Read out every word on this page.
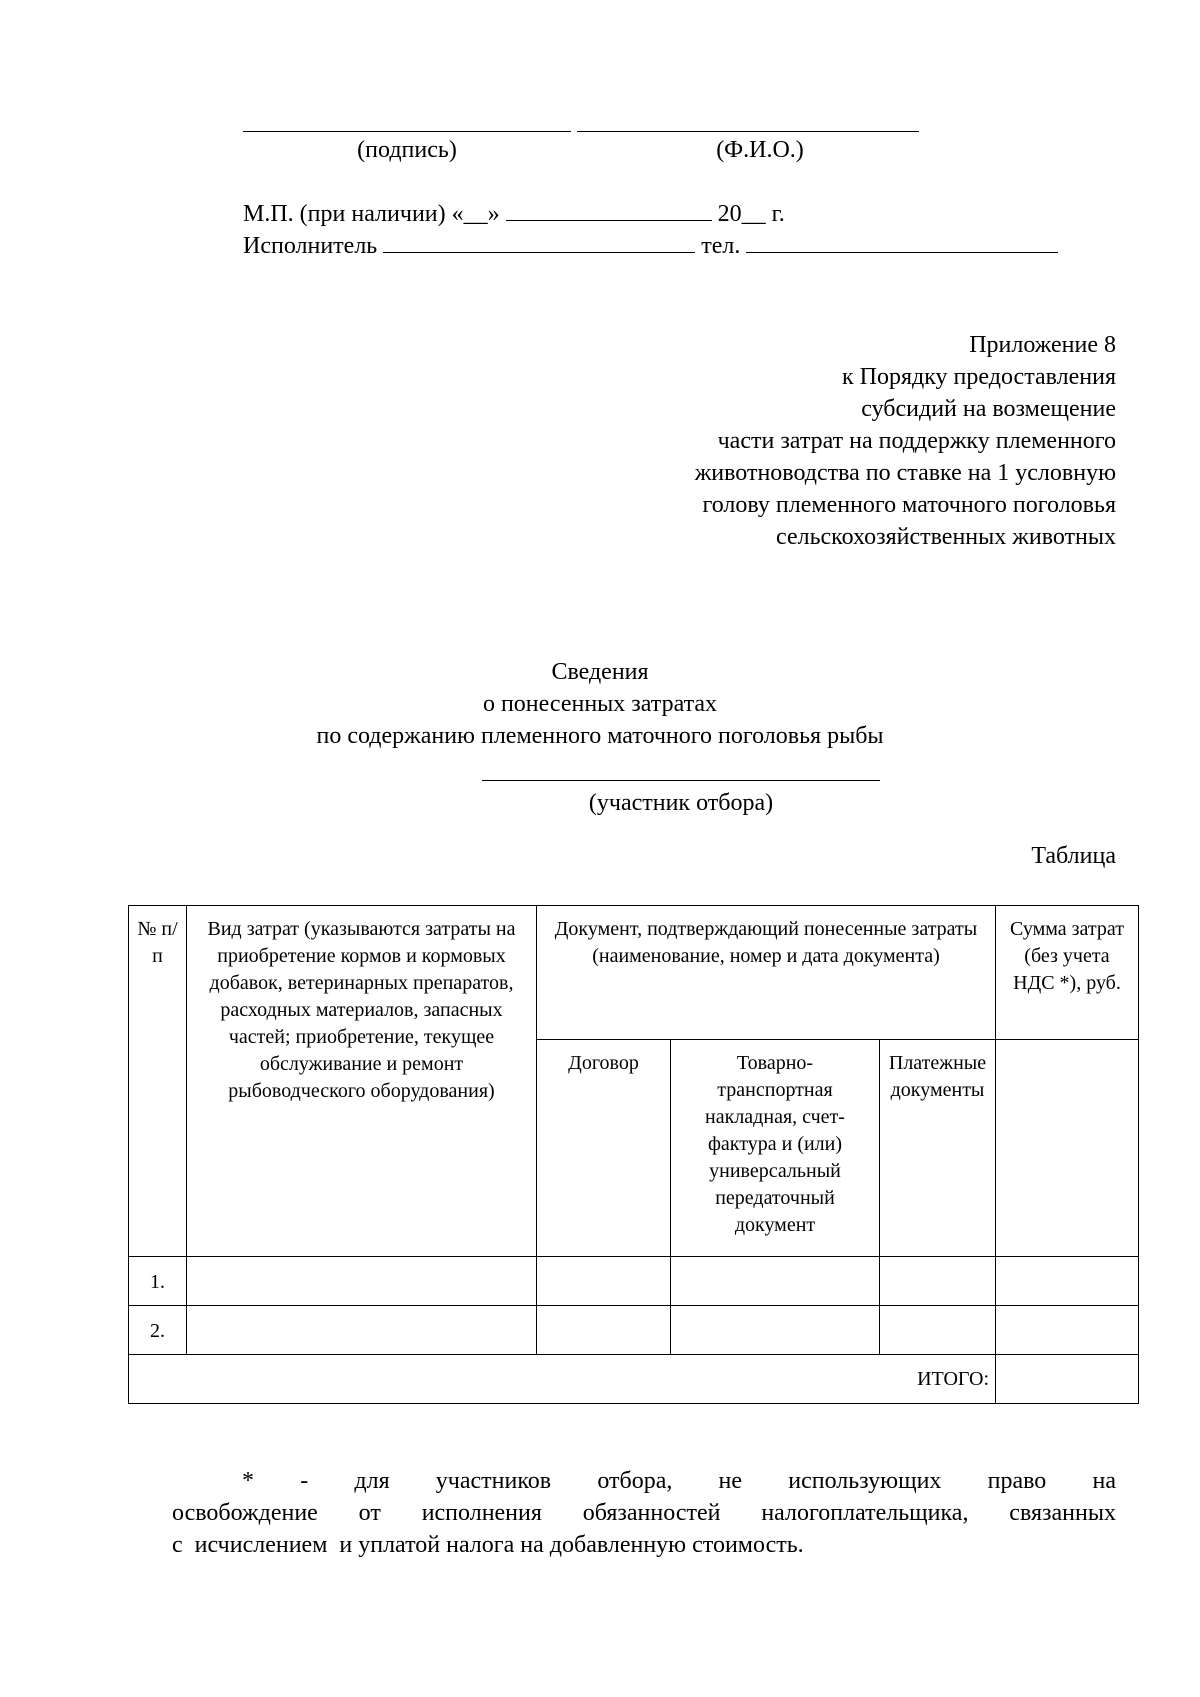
(подпись)	(Ф.И.О.)
М.П. (при наличии) «__»	20__ г.
Исполнитель	тел.
Приложение 8
к Порядку предоставления
субсидий на возмещение
части затрат на поддержку племенного
животноводства по ставке на 1 условную
голову племенного маточного поголовья
сельскохозяйственных животных
Сведения
о понесенных затратах
по содержанию племенного маточного поголовья рыбы
(участник отбора)
Таблица
№ п/п	Вид затрат (указываются затраты на приобретение кормов и кормовых добавок, ветеринарных препаратов, расходных материалов, запасных частей; приобретение, текущее обслуживание и ремонт рыбоводческого оборудования)	Документ, подтверждающий понесенные затраты (наименование, номер и дата документа)			Сумма затрат (без учета НДС *), руб.
		Договор	Товарно-транспортная накладная, счет-фактура и (или) универсальный передаточный документ	Платежные документы	
1.					
2.					
ИТОГО:					
* - для участников отбора, не использующих право на
освобождение от исполнения обязанностей налогоплательщика, связанных
с  исчислением  и уплатой налога на добавленную стоимость.
